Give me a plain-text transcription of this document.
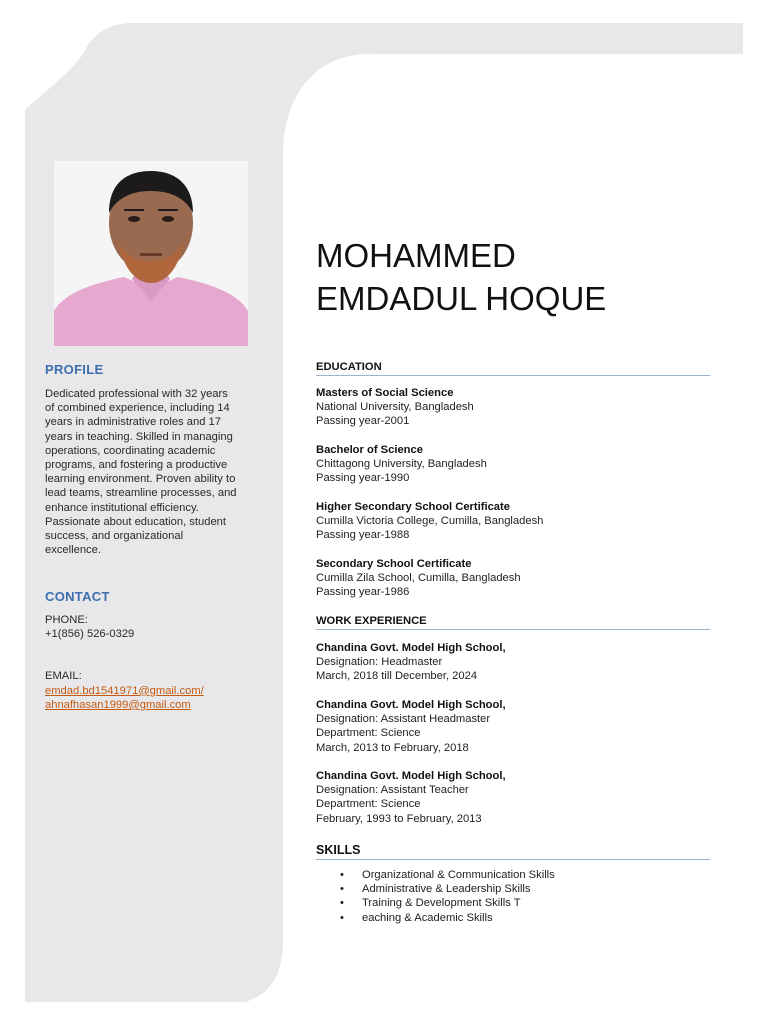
PROFILE
Dedicated professional with 32 years
of combined experience, including 14
years in administrative roles and 17
years in teaching. Skilled in managing
operations, coordinating academic
programs, and fostering a productive
learning environment. Proven ability to
lead teams, streamline processes, and
enhance institutional efficiency.
Passionate about education, student
success, and organizational
excellence.
CONTACT
PHONE:
+1(856) 526-0329
EMAIL:
emdad.bd1541971@gmail.com/
ahnafhasan1999@gmail.com
MOHAMMED
EMDADUL HOQUE
EDUCATION
Masters of Social Science
National University, Bangladesh
Passing year-2001
Bachelor of Science
Chittagong University, Bangladesh
Passing year-1990
Higher Secondary School Certificate
Cumilla Victoria College, Cumilla, Bangladesh
Passing year-1988
Secondary School Certificate
Cumilla Zila School, Cumilla, Bangladesh
Passing year-1986
WORK EXPERIENCE
Chandina Govt. Model High School,
Designation: Headmaster
March, 2018 till December, 2024
Chandina Govt. Model High School,
Designation: Assistant Headmaster
Department: Science
March, 2013 to February, 2018
Chandina Govt. Model High School,
Designation: Assistant Teacher
Department: Science
February, 1993 to February, 2013
SKILLS
• Organizational & Communication Skills
• Administrative & Leadership Skills
• Training & Development Skills T
• eaching & Academic Skills
